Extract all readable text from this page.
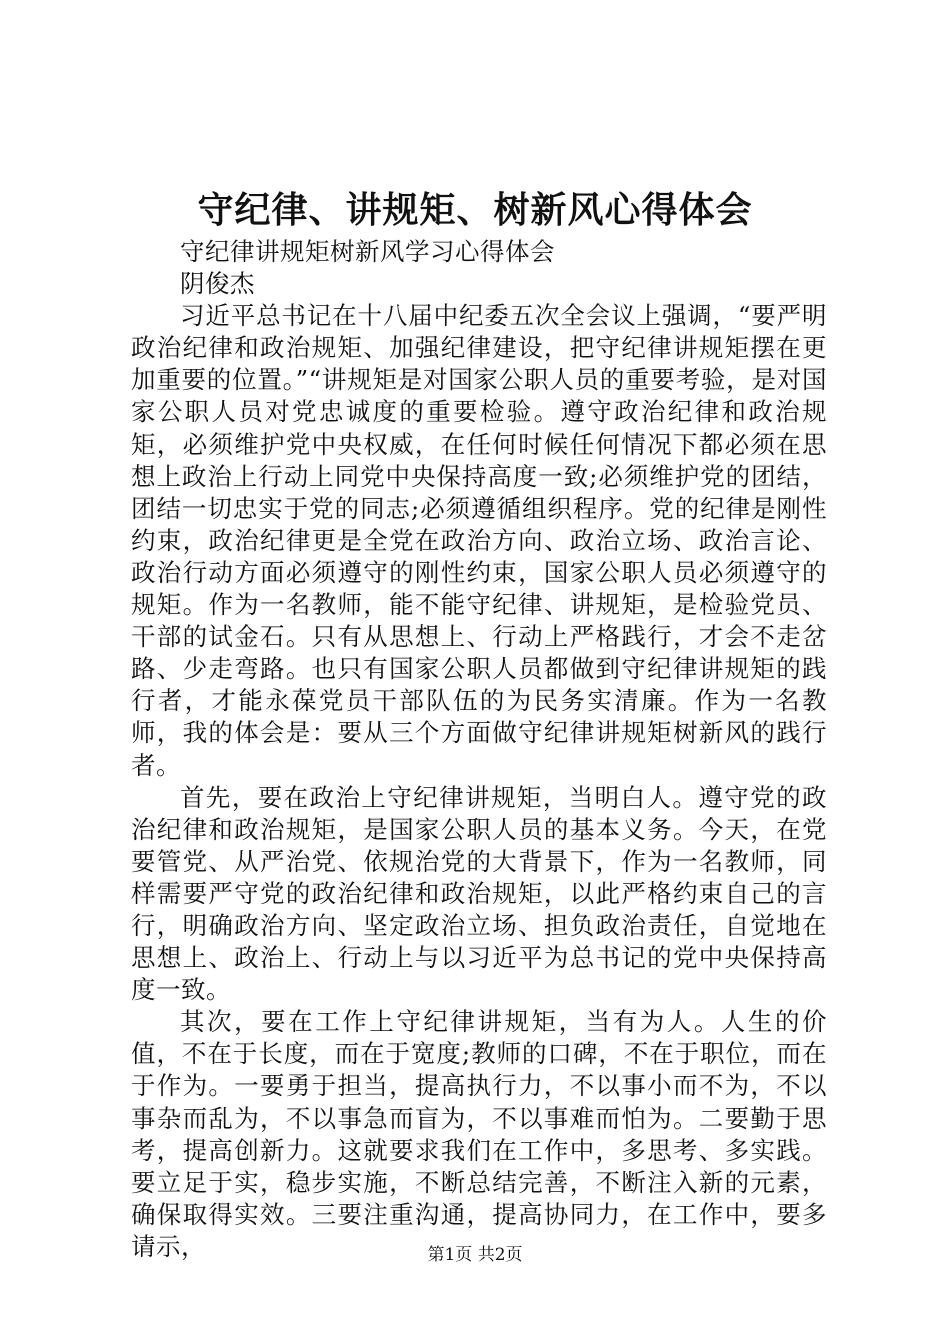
守纪律、讲规矩、树新风心得体会

守纪律讲规矩树新风学习心得体会

阴俊杰

习近平总书记在十八届中纪委五次全会议上强调，“要严明政治纪律和政治规矩、加强纪律建设，把守纪律讲规矩摆在更加重要的位置。”“讲规矩是对国家公职人员的重要考验，是对国家公职人员对党忠诚度的重要检验。遵守政治纪律和政治规矩，必须维护党中央权威，在任何时候任何情况下都必须在思想上政治上行动上同党中央保持高度一致;必须维护党的团结，团结一切忠实于党的同志;必须遵循组织程序。党的纪律是刚性约束，政治纪律更是全党在政治方向、政治立场、政治言论、政治行动方面必须遵守的刚性约束，国家公职人员必须遵守的规矩。作为一名教师，能不能守纪律、讲规矩，是检验党员、干部的试金石。只有从思想上、行动上严格践行，才会不走岔路、少走弯路。也只有国家公职人员都做到守纪律讲规矩的践行者，才能永葆党员干部队伍的为民务实清廉。作为一名教师，我的体会是：要从三个方面做守纪律讲规矩树新风的践行者。

首先，要在政治上守纪律讲规矩，当明白人。遵守党的政治纪律和政治规矩，是国家公职人员的基本义务。今天，在党要管党、从严治党、依规治党的大背景下，作为一名教师，同样需要严守党的政治纪律和政治规矩，以此严格约束自己的言行，明确政治方向、坚定政治立场、担负政治责任，自觉地在思想上、政治上、行动上与以习近平为总书记的党中央保持高度一致。

其次，要在工作上守纪律讲规矩，当有为人。人生的价值，不在于长度，而在于宽度;教师的口碑，不在于职位，而在于作为。一要勇于担当，提高执行力，不以事小而不为，不以事杂而乱为，不以事急而盲为，不以事难而怕为。二要勤于思考，提高创新力。这就要求我们在工作中，多思考、多实践。要立足于实，稳步实施，不断总结完善，不断注入新的元素，确保取得实效。三要注重沟通，提高协同力，在工作中，要多请示，	第1页 共2页
